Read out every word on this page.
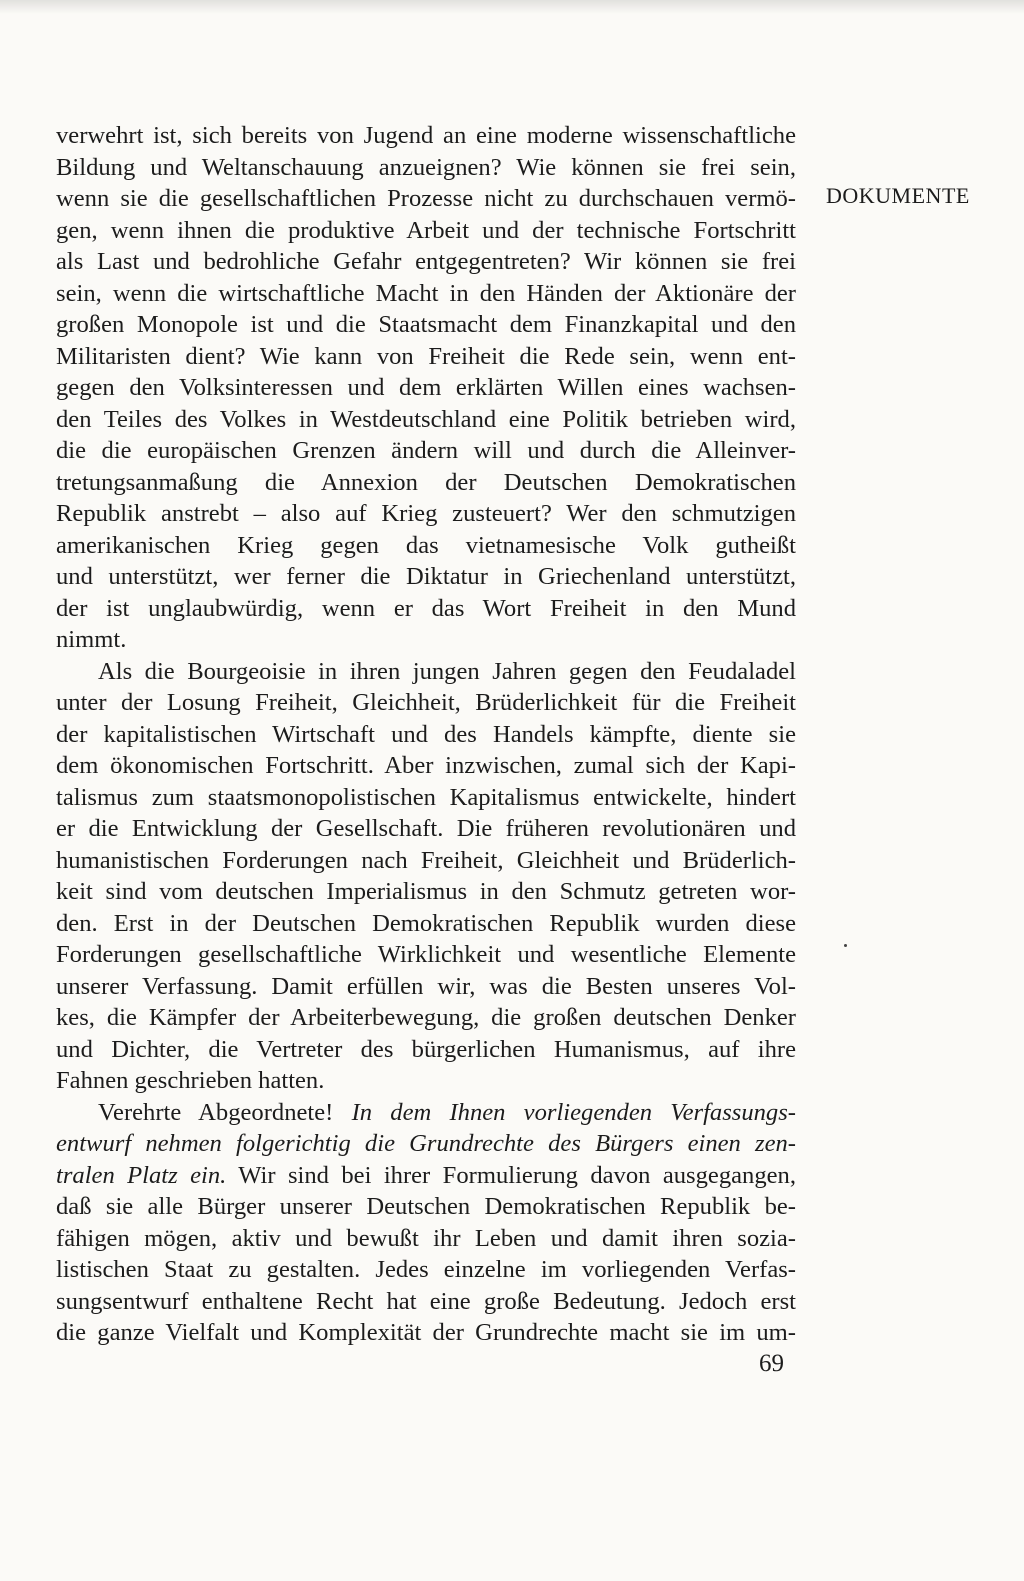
verwehrt ist, sich bereits von Jugend an eine moderne wissenschaftliche
Bildung und Weltanschauung anzueignen? Wie können sie frei sein,
wenn sie die gesellschaftlichen Prozesse nicht zu durchschauen vermö-
gen, wenn ihnen die produktive Arbeit und der technische Fortschritt
als Last und bedrohliche Gefahr entgegentreten? Wir können sie frei
sein, wenn die wirtschaftliche Macht in den Händen der Aktionäre der
großen Monopole ist und die Staatsmacht dem Finanzkapital und den
Militaristen dient? Wie kann von Freiheit die Rede sein, wenn ent-
gegen den Volksinteressen und dem erklärten Willen eines wachsen-
den Teiles des Volkes in Westdeutschland eine Politik betrieben wird,
die die europäischen Grenzen ändern will und durch die Alleinver-
tretungsanmaßung die Annexion der Deutschen Demokratischen
Republik anstrebt – also auf Krieg zusteuert? Wer den schmutzigen
amerikanischen Krieg gegen das vietnamesische Volk gutheißt
und unterstützt, wer ferner die Diktatur in Griechenland unterstützt,
der ist unglaubwürdig, wenn er das Wort Freiheit in den Mund
nimmt.

Als die Bourgeoisie in ihren jungen Jahren gegen den Feudaladel
unter der Losung Freiheit, Gleichheit, Brüderlichkeit für die Freiheit
der kapitalistischen Wirtschaft und des Handels kämpfte, diente sie
dem ökonomischen Fortschritt. Aber inzwischen, zumal sich der Kapi-
talismus zum staatsmonopolistischen Kapitalismus entwickelte, hindert
er die Entwicklung der Gesellschaft. Die früheren revolutionären und
humanistischen Forderungen nach Freiheit, Gleichheit und Brüderlich-
keit sind vom deutschen Imperialismus in den Schmutz getreten wor-
den. Erst in der Deutschen Demokratischen Republik wurden diese
Forderungen gesellschaftliche Wirklichkeit und wesentliche Elemente
unserer Verfassung. Damit erfüllen wir, was die Besten unseres Vol-
kes, die Kämpfer der Arbeiterbewegung, die großen deutschen Denker
und Dichter, die Vertreter des bürgerlichen Humanismus, auf ihre
Fahnen geschrieben hatten.

Verehrte Abgeordnete! In dem Ihnen vorliegenden Verfassungs-
entwurf nehmen folgerichtig die Grundrechte des Bürgers einen zen-
tralen Platz ein. Wir sind bei ihrer Formulierung davon ausgegangen,
daß sie alle Bürger unserer Deutschen Demokratischen Republik be-
fähigen mögen, aktiv und bewußt ihr Leben und damit ihren sozia-
listischen Staat zu gestalten. Jedes einzelne im vorliegenden Verfas-
sungsentwurf enthaltene Recht hat eine große Bedeutung. Jedoch erst
die ganze Vielfalt und Komplexität der Grundrechte macht sie im um-

DOKUMENTE
69
